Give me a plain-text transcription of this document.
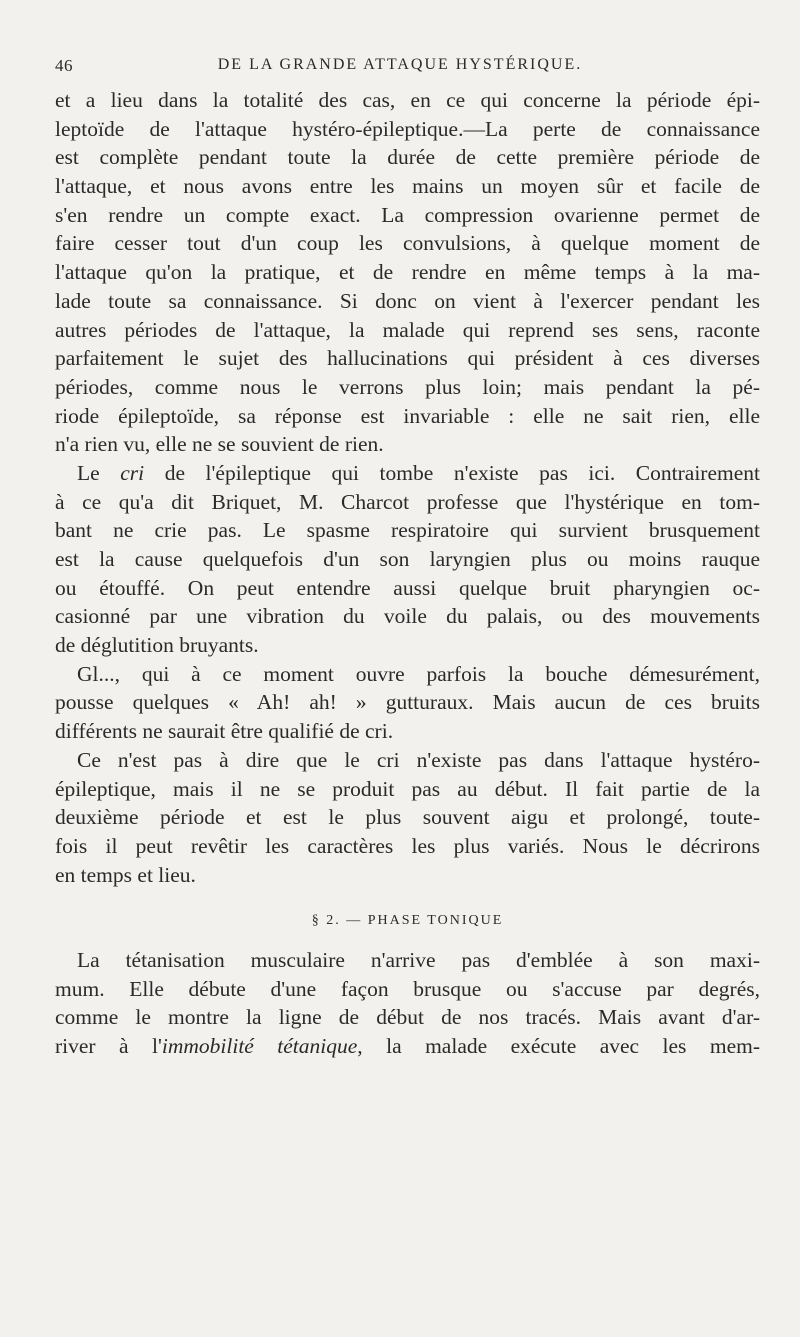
46	DE LA GRANDE ATTAQUE HYSTÉRIQUE.
et a lieu dans la totalité des cas, en ce qui concerne la période épi-
leptoïde de l'attaque hystéro-épileptique.—La perte de connaissance
est complète pendant toute la durée de cette première période de
l'attaque, et nous avons entre les mains un moyen sûr et facile de
s'en rendre un compte exact. La compression ovarienne permet de
faire cesser tout d'un coup les convulsions, à quelque moment de
l'attaque qu'on la pratique, et de rendre en même temps à la ma-
lade toute sa connaissance. Si donc on vient à l'exercer pendant les
autres périodes de l'attaque, la malade qui reprend ses sens, raconte
parfaitement le sujet des hallucinations qui président à ces diverses
périodes, comme nous le verrons plus loin; mais pendant la pé-
riode épileptoïde, sa réponse est invariable : elle ne sait rien, elle
n'a rien vu, elle ne se souvient de rien.
Le cri de l'épileptique qui tombe n'existe pas ici. Contrairement
à ce qu'a dit Briquet, M. Charcot professe que l'hystérique en tom-
bant ne crie pas. Le spasme respiratoire qui survient brusquement
est la cause quelquefois d'un son laryngien plus ou moins rauque
ou étouffé. On peut entendre aussi quelque bruit pharyngien oc-
casionné par une vibration du voile du palais, ou des mouvements
de déglutition bruyants.
Gl..., qui à ce moment ouvre parfois la bouche démesurément,
pousse quelques « Ah! ah! » gutturaux. Mais aucun de ces bruits
différents ne saurait être qualifié de cri.
Ce n'est pas à dire que le cri n'existe pas dans l'attaque hystéro-
épileptique, mais il ne se produit pas au début. Il fait partie de la
deuxième période et est le plus souvent aigu et prolongé, toute-
fois il peut revêtir les caractères les plus variés. Nous le décrirons
en temps et lieu.
§ 2. — PHASE TONIQUE
La tétanisation musculaire n'arrive pas d'emblée à son maxi-
mum. Elle débute d'une façon brusque ou s'accuse par degrés,
comme le montre la ligne de début de nos tracés. Mais avant d'ar-
river à l'immobilité tétanique, la malade exécute avec les mem-
